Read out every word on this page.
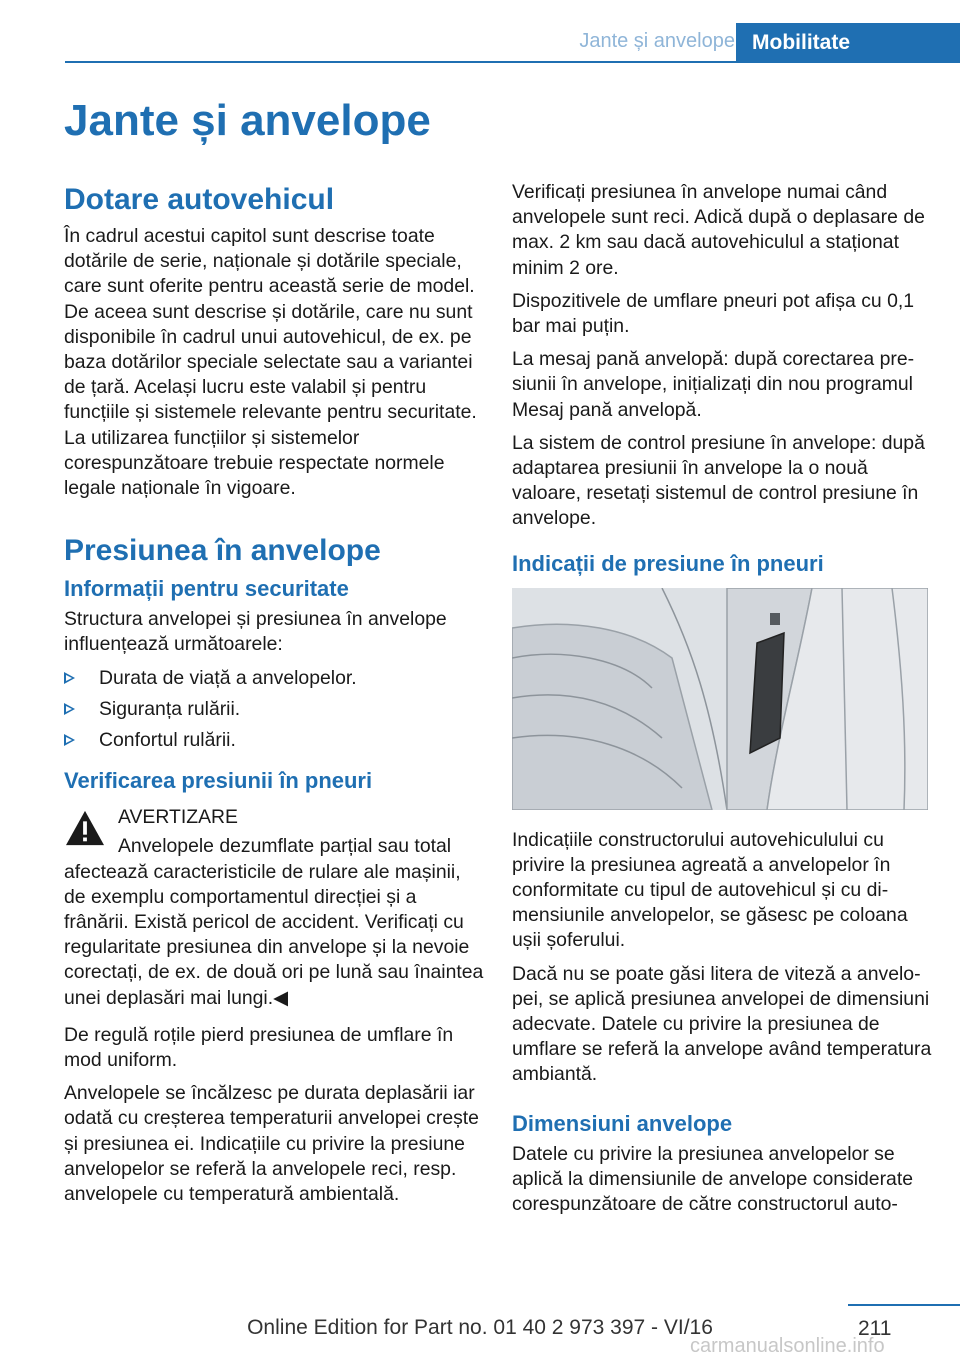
Jante și anvelope Mobilitate
Jante și anvelope
Dotare autovehicul

În cadrul acestui capitol sunt descrise toate dotările de serie, naționale și dotările speciale, care sunt oferite pentru această serie de model. De aceea sunt descrise și dotările, care nu sunt disponibile în cadrul unui autovehicul, de ex. pe baza dotărilor speciale selectate sau a variantei de țară. Același lucru este valabil și pentru funcțiile și sistemele relevante pentru securitate. La utilizarea funcțiilor și sistemelor corespunzătoare trebuie respectate normele legale naționale în vigoare.

Presiunea în anvelope
Informații pentru securitate

Structura anvelopei și presiunea în anvelope influențează următoarele:

Durata de viață a anvelopelor.
Siguranța rulării.
Confortul rulării.
Verificarea presiunii în pneuri
AVERTIZARE

Anvelopele dezumflate parțial sau total afectează caracteristicile de rulare ale mașinii, de exemplu comportamentul direcției și a frânării. Există pericol de accident. Verificați cu regularitate presiunea din anvelope și la nevoie corectați, de ex. de două ori pe lună sau înaintea unei deplasări mai lungi.◀

De regulă roțile pierd presiunea de umflare în mod uniform.

Anvelopele se încălzesc pe durata deplasării iar odată cu creșterea temperaturii anvelopei crește și presiunea ei. Indicațiile cu privire la presiune anvelopelor se referă la anvelopele reci, resp. anvelopele cu temperatură ambientală.

Verificați presiunea în anvelope numai când anvelopele sunt reci. Adică după o deplasare de max. 2 km sau dacă autovehiculul a staționat minim 2 ore.

Dispozitivele de umflare pneuri pot afișa cu 0,1 bar mai puțin.

La mesaj pană anvelopă: după corectarea presiunii în anvelope, inițializați din nou programul Mesaj pană anvelopă.

La sistem de control presiune în anvelope: după adaptarea presiunii în anvelope la o nouă valoare, resetați sistemul de control presiune în anvelope.

Indicații de presiune în pneuri

Indicațiile constructorului autovehiculului cu privire la presiunea agreată a anvelopelor în conformitate cu tipul de autovehicul și cu dimensiunile anvelopelor, se găsesc pe coloana ușii șoferului.

Dacă nu se poate găsi litera de viteză a anvelopei, se aplică presiunea anvelopei de dimensiuni adecvate. Datele cu privire la presiunea de umflare se referă la anvelope având temperatura ambiantă.

Dimensiuni anvelope

Datele cu privire la presiunea anvelopelor se aplică la dimensiunile de anvelope considerate corespunzătoare de către constructorul auto-

211
Online Edition for Part no. 01 40 2 973 397 - VI/16
carmanualsonline.info
